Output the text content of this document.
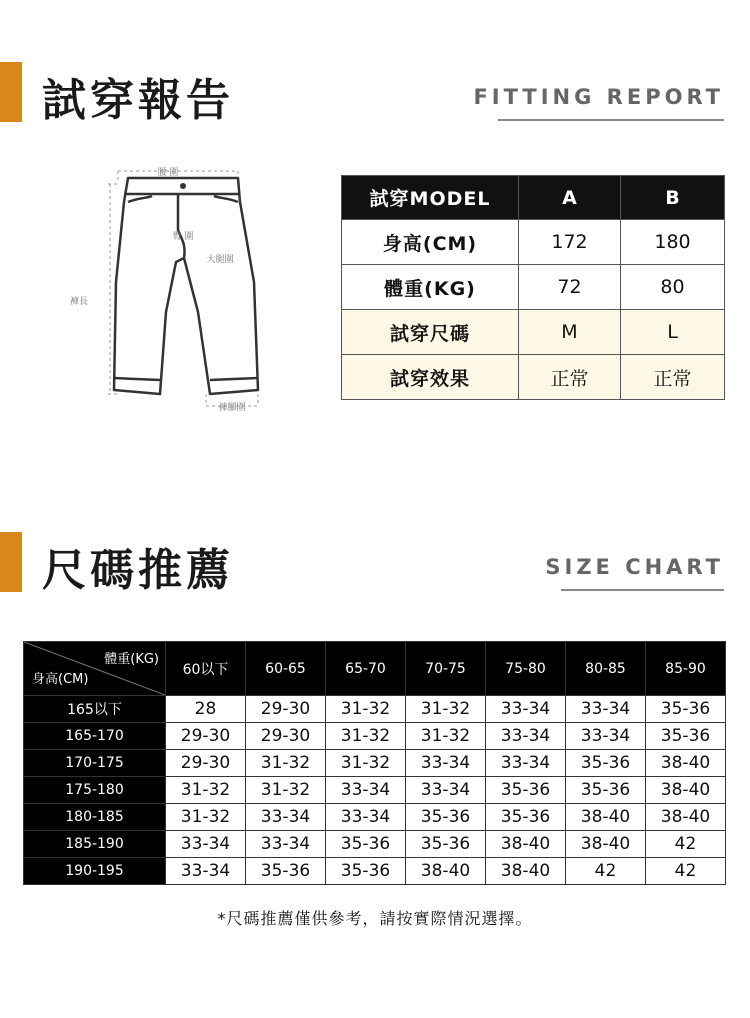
試穿報告	FITTING REPORT
腰 圍
臀 圍
大腿圍
褲長
褲腳圍
試穿MODEL	A	B
身高(CM)	172	180
體重(KG)	72	80
試穿尺碼	M	L
試穿效果	正常	正常
尺碼推薦	SIZE CHART
體重(KG)
身高(CM)	60以下	60-65	65-70	70-75	75-80	80-85	85-90
165以下	28	29-30	31-32	31-32	33-34	33-34	35-36
165-170	29-30	29-30	31-32	31-32	33-34	33-34	35-36
170-175	29-30	31-32	31-32	33-34	33-34	35-36	38-40
175-180	31-32	31-32	33-34	33-34	35-36	35-36	38-40
180-185	31-32	33-34	33-34	35-36	35-36	38-40	38-40
185-190	33-34	33-34	35-36	35-36	38-40	38-40	42
190-195	33-34	35-36	35-36	38-40	38-40	42	42
*尺碼推薦僅供參考，請按實際情況選擇。
